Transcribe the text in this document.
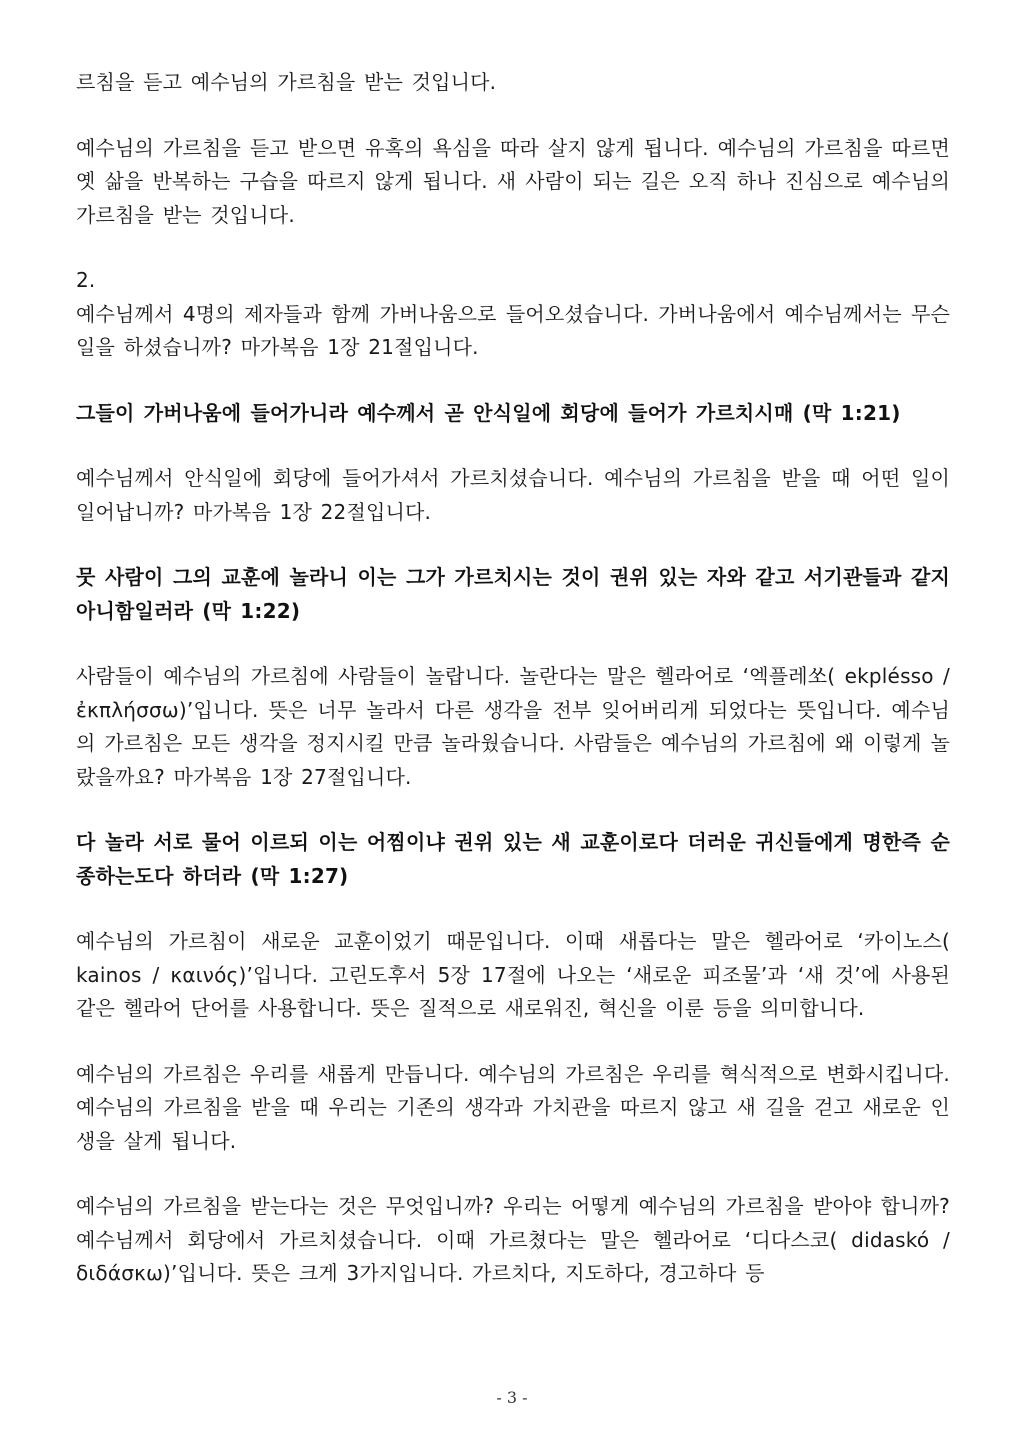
르침을 듣고 예수님의 가르침을 받는 것입니다.

예수님의 가르침을 듣고 받으면 유혹의 욕심을 따라 살지 않게 됩니다. 예수님의 가르침을 따르면 옛 삶을 반복하는 구습을 따르지 않게 됩니다. 새 사람이 되는 길은 오직 하나 진심으로 예수님의 가르침을 받는 것입니다.

2.

예수님께서 4명의 제자들과 함께 가버나움으로 들어오셨습니다. 가버나움에서 예수님께서는 무슨 일을 하셨습니까? 마가복음 1장 21절입니다.

그들이 가버나움에 들어가니라 예수께서 곧 안식일에 회당에 들어가 가르치시매 (막 1:21)

예수님께서 안식일에 회당에 들어가셔서 가르치셨습니다. 예수님의 가르침을 받을 때 어떤 일이 일어납니까? 마가복음 1장 22절입니다.

뭇 사람이 그의 교훈에 놀라니 이는 그가 가르치시는 것이 권위 있는 자와 같고 서기관들과 같지 아니함일러라 (막 1:22)

사람들이 예수님의 가르침에 사람들이 놀랍니다. 놀란다는 말은 헬라어로 ‘엑플레쏘( ekplésso / ἐκπλήσσω)’입니다. 뜻은 너무 놀라서 다른 생각을 전부 잊어버리게 되었다는 뜻입니다. 예수님의 가르침은 모든 생각을 정지시킬 만큼 놀라웠습니다. 사람들은 예수님의 가르침에 왜 이렇게 놀랐을까요? 마가복음 1장 27절입니다.

다 놀라 서로 물어 이르되 이는 어찜이냐 권위 있는 새 교훈이로다 더러운 귀신들에게 명한즉 순종하는도다 하더라 (막 1:27)

예수님의 가르침이 새로운 교훈이었기 때문입니다. 이때 새롭다는 말은 헬라어로 ‘카이노스( kainos / καινός)’입니다. 고린도후서 5장 17절에 나오는 ‘새로운 피조물’과 ‘새 것’에 사용된 같은 헬라어 단어를 사용합니다. 뜻은 질적으로 새로워진, 혁신을 이룬 등을 의미합니다.

예수님의 가르침은 우리를 새롭게 만듭니다. 예수님의 가르침은 우리를 혁식적으로 변화시킵니다. 예수님의 가르침을 받을 때 우리는 기존의 생각과 가치관을 따르지 않고 새 길을 걷고 새로운 인생을 살게 됩니다.

예수님의 가르침을 받는다는 것은 무엇입니까? 우리는 어떻게 예수님의 가르침을 받아야 합니까? 예수님께서 회당에서 가르치셨습니다. 이때 가르쳤다는 말은 헬라어로 ‘디다스코( didaskó / διδάσκω)’입니다. 뜻은 크게 3가지입니다. 가르치다, 지도하다, 경고하다 등

- 3 -
